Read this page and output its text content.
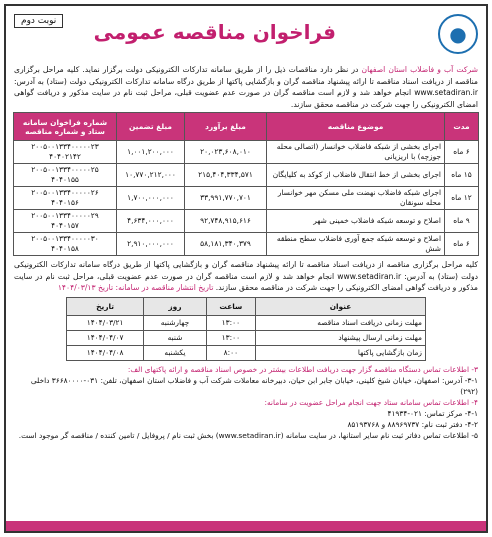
●
فراخوان مناقصه عمومی
نوبت دوم
شرکت آب و فاضلاب استان اصفهان در نظر دارد مناقصات ذیل را از طریق سامانه تدارکات الکترونیکی دولت برگزار نماید. کلیه مراحل برگزاری مناقصه از دریافت اسناد مناقصه تا ارائه پیشنهاد مناقصه گران و بازگشایی پاکتها از طریق درگاه سامانه تدارکات الکترونیکی دولت (ستاد) به آدرس: www.setadiran.ir انجام خواهد شد و لازم است مناقصه گران در صورت عدم عضویت قبلی، مراحل ثبت نام در سایت مذکور و دریافت گواهی امضای الکترونیکی را جهت شرکت در مناقصه محقق سازند.
مدت	موضوع مناقصه	مبلغ برآورد	مبلغ تضمین	شماره فراخوان سامانه ستاد و شماره مناقصه
۶ ماه	اجرای بخشی از شبکه فاضلاب خوانسار (اتصالی محله جوزچه) با اریزیانی	۲۰,۰۲۳,۶۰۸,۰۱۰	۱,۰۰۱,۲۰۰,۰۰۰	۲۰۰۵۰۰۱۳۳۴۰۰۰۰۰۲۳ ۴۰۴۰۲۱۴۲
۱۵ ماه	اجرای بخشی از خط انتقال فاضلاب از کوکد به کلیایگان	۲۱۵,۴۰۴,۳۳۴,۵۷۱	۱۰,۷۷۰,۲۱۲,۰۰۰	۲۰۰۵۰۰۱۳۳۴۰۰۰۰۰۲۵ ۴۰۴۰۱۵۵
۱۲ ماه	اجرای شبکه فاضلاب نهضت ملی مسکن مهر خوانسار محله سونقان	۳۳,۹۹۱,۷۷۰,۷۰۱	۱,۷۰۰,۰۰۰,۰۰۰	۲۰۰۵۰۰۱۳۳۴۰۰۰۰۰۲۶ ۴۰۴۰۱۵۶
۹ ماه	اصلاح و توسعه شبکه فاضلاب خمینی شهر	۹۲,۷۴۸,۹۱۵,۶۱۶	۴,۶۳۴,۰۰۰,۰۰۰	۲۰۰۵۰۰۱۳۳۴۰۰۰۰۰۲۹ ۴۰۴۰۱۵۷
۶ ماه	اصلاح و توسعه شبکه جمع آوری فاضلاب سطح منطقه شش	۵۸,۱۸۱,۳۴۰,۳۷۹	۲,۹۱۰,۰۰۰,۰۰۰	۲۰۰۵۰۰۱۳۳۴۰۰۰۰۰۳۰ ۴۰۴۰۱۵۸
کلیه مراحل برگزاری مناقصه از دریافت اسناد مناقصه تا ارائه پیشنهاد مناقصه گران و بازگشایی پاکتها از طریق درگاه سامانه تدارکات الکترونیکی دولت (ستاد) به آدرس: www.setadiran.ir انجام خواهد شد و لازم است مناقصه گران در صورت عدم عضویت قبلی، مراحل ثبت نام در سایت مذکور و دریافت گواهی امضای الکترونیکی را جهت شرکت در مناقصه محقق سازند. تاریخ انتشار مناقصه در سامانه: تاریخ ۱۴۰۴/۰۳/۱۳
عنوان	ساعت	روز	تاریخ
مهلت زمانی دریافت اسناد مناقصه	۱۳:۰۰	چهارشنبه	۱۴۰۴/۰۳/۲۱
مهلت زمانی ارسال پیشنهاد	۱۳:۰۰	شنبه	۱۴۰۴/۰۴/۰۷
زمان بازگشایی پاکتها	۸:۰۰	یکشنبه	۱۴۰۴/۰۴/۰۸
۳- اطلاعات تماس دستگاه مناقصه گزار جهت دریافت اطلاعات بیشتر در خصوص اسناد مناقصه و ارائه پاکتهای الف:
۳-۱- آدرس: اصفهان، خیابان شیخ کلینی، خیابان جابر ابن حیان، دبیرخانه معاملات شرکت آب و فاضلاب استان اصفهان، تلفن: ۰۳۱-۳۶۶۸۰۰۰۰ داخلی (۲۹۲)
۴- اطلاعات تماس سامانه ستاد جهت انجام مراحل عضویت در سامانه:
۴-۱- مرکز تماس: ۰۲۱-۴۱۹۳۴
۴-۲- دفتر ثبت نام: ۸۸۹۶۹۷۳۷ و ۸۵۱۹۳۷۶۸
۵- اطلاعات تماس دفاتر ثبت نام سایر استانها، در سایت سامانه (www.setadiran.ir) بخش ثبت نام / پروفایل / تامین کننده / مناقصه گر موجود است.
